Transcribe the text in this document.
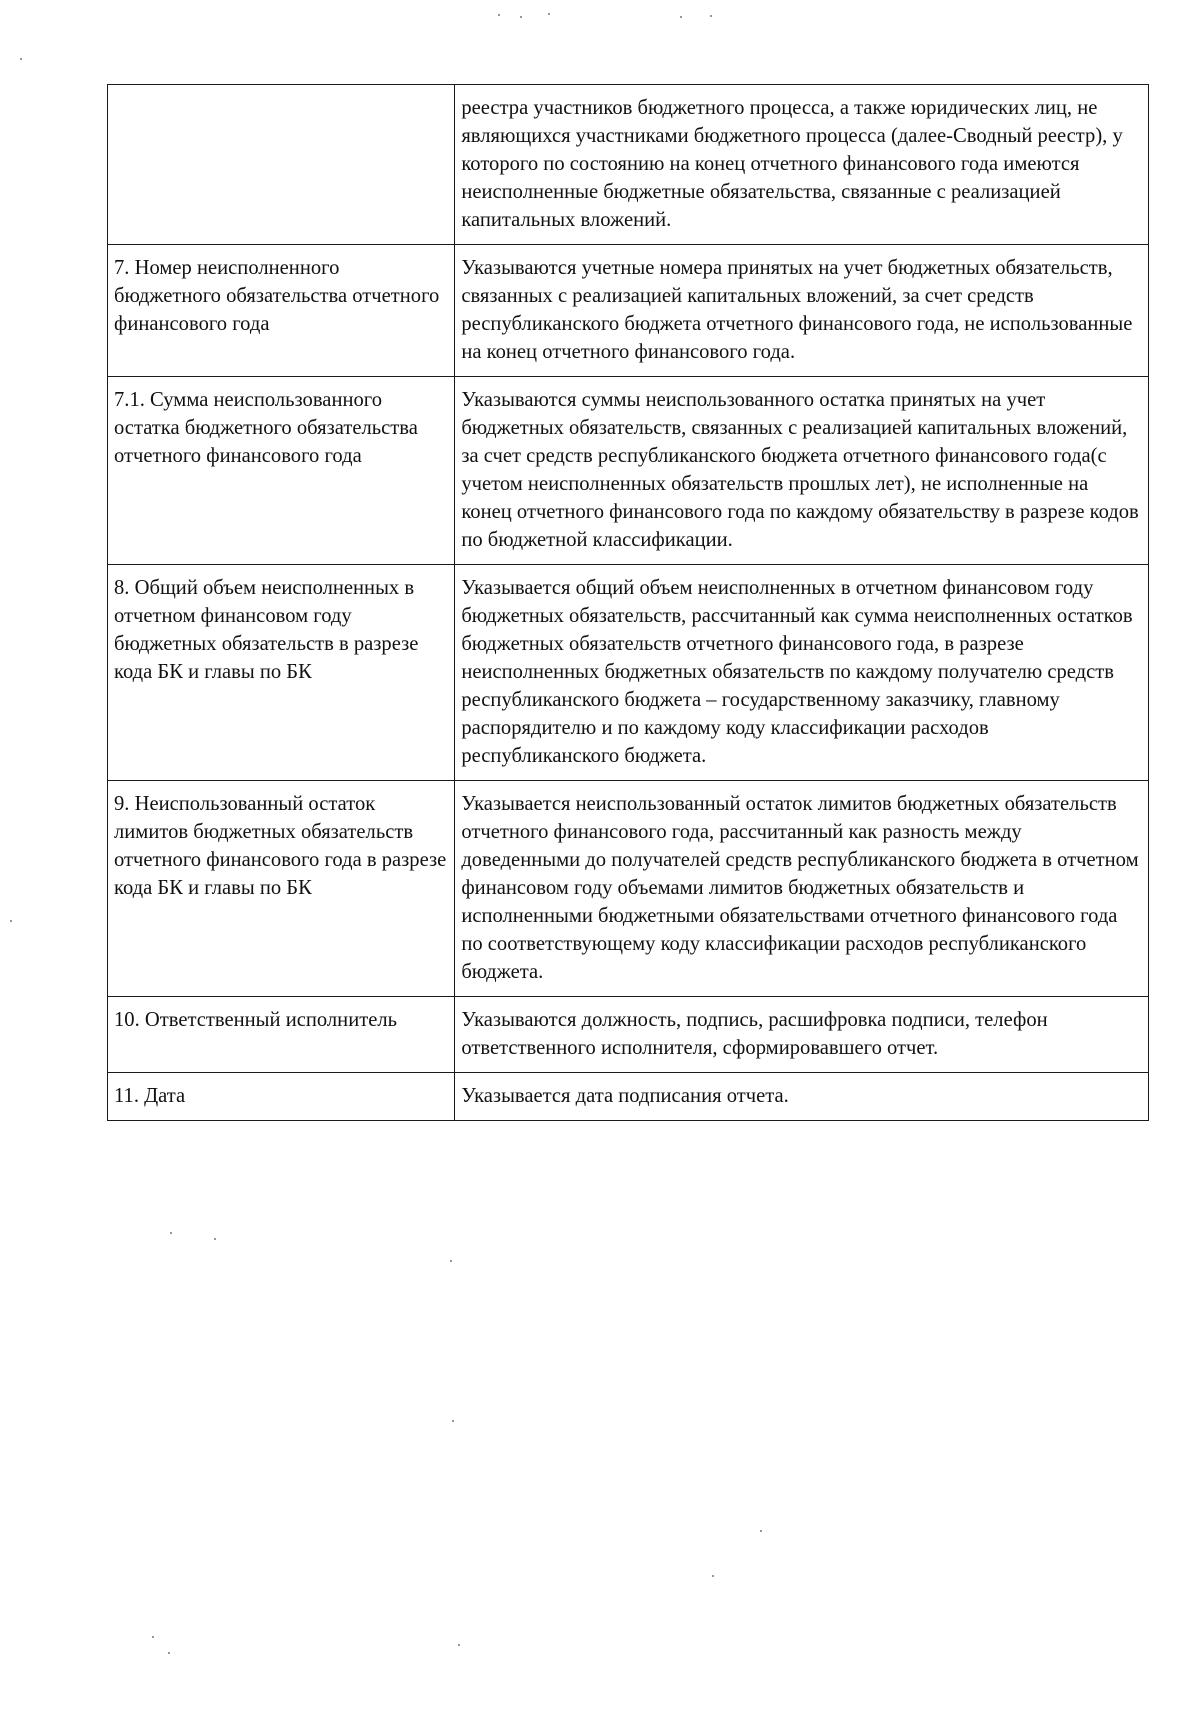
	реестра участников бюджетного процесса, а также юридических лиц, не являющихся участниками бюджетного процесса (далее-Сводный реестр), у которого по состоянию на конец отчетного финансового года имеются неисполненные бюджетные обязательства, связанные с реализацией капитальных вложений.
7. Номер неисполненного бюджетного обязательства отчетного финансового года	Указываются учетные номера принятых на учет бюджетных обязательств, связанных с реализацией капитальных вложений, за счет средств республиканского бюджета отчетного финансового года, не использованные на конец отчетного финансового года.
7.1. Сумма неиспользованного остатка бюджетного обязательства отчетного финансового года	Указываются суммы неиспользованного остатка принятых на учет бюджетных обязательств, связанных с реализацией капитальных вложений, за счет средств республиканского бюджета отчетного финансового года(с учетом неисполненных обязательств прошлых лет), не исполненные на конец отчетного финансового года по каждому обязательству в разрезе кодов по бюджетной классификации.
8. Общий объем неисполненных в отчетном финансовом году бюджетных обязательств в разрезе кода БК и главы по БК	Указывается общий объем неисполненных в отчетном финансовом году бюджетных обязательств, рассчитанный как сумма неисполненных остатков бюджетных обязательств отчетного финансового года, в разрезе неисполненных бюджетных обязательств по каждому получателю средств республиканского бюджета – государственному заказчику, главному распорядителю и по каждому коду классификации расходов республиканского бюджета.
9. Неиспользованный остаток лимитов бюджетных обязательств отчетного финансового года в разрезе кода БК и главы по БК	Указывается неиспользованный остаток лимитов бюджетных обязательств отчетного финансового года, рассчитанный как разность между доведенными до получателей средств республиканского бюджета в отчетном финансовом году объемами лимитов бюджетных обязательств и исполненными бюджетными обязательствами отчетного финансового года по соответствующему коду классификации расходов республиканского бюджета.
10. Ответственный исполнитель	Указываются должность, подпись, расшифровка подписи, телефон ответственного исполнителя, сформировавшего отчет.
11. Дата	Указывается дата подписания отчета.
